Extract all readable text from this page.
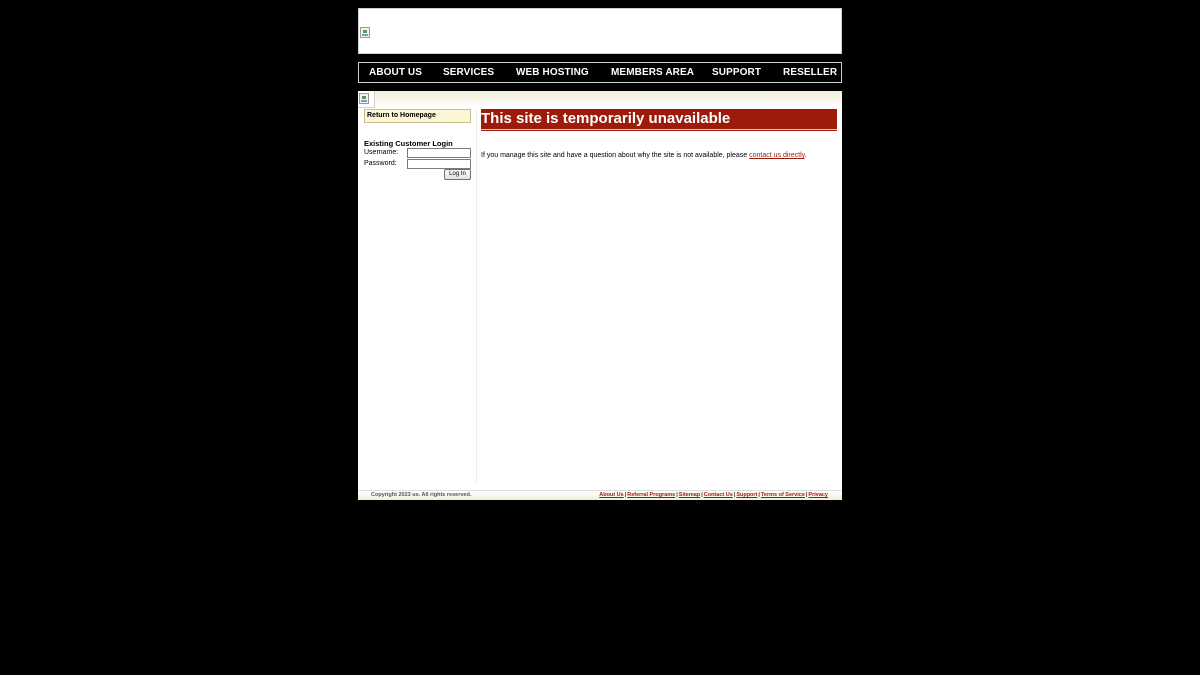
ABOUT US SERVICES WEB HOSTING MEMBERS AREA SUPPORT RESELLER
Return to Homepage
Existing Customer Login
Username:
Password:
Log In
This site is temporarily unavailable
If you manage this site and have a question about why the site is not available, please contact us directly.
Copyright 2023 us. All rights reserved.	About Us|Referral Programs|Sitemap|Contact Us|Support|Terms of Service|Privacy
